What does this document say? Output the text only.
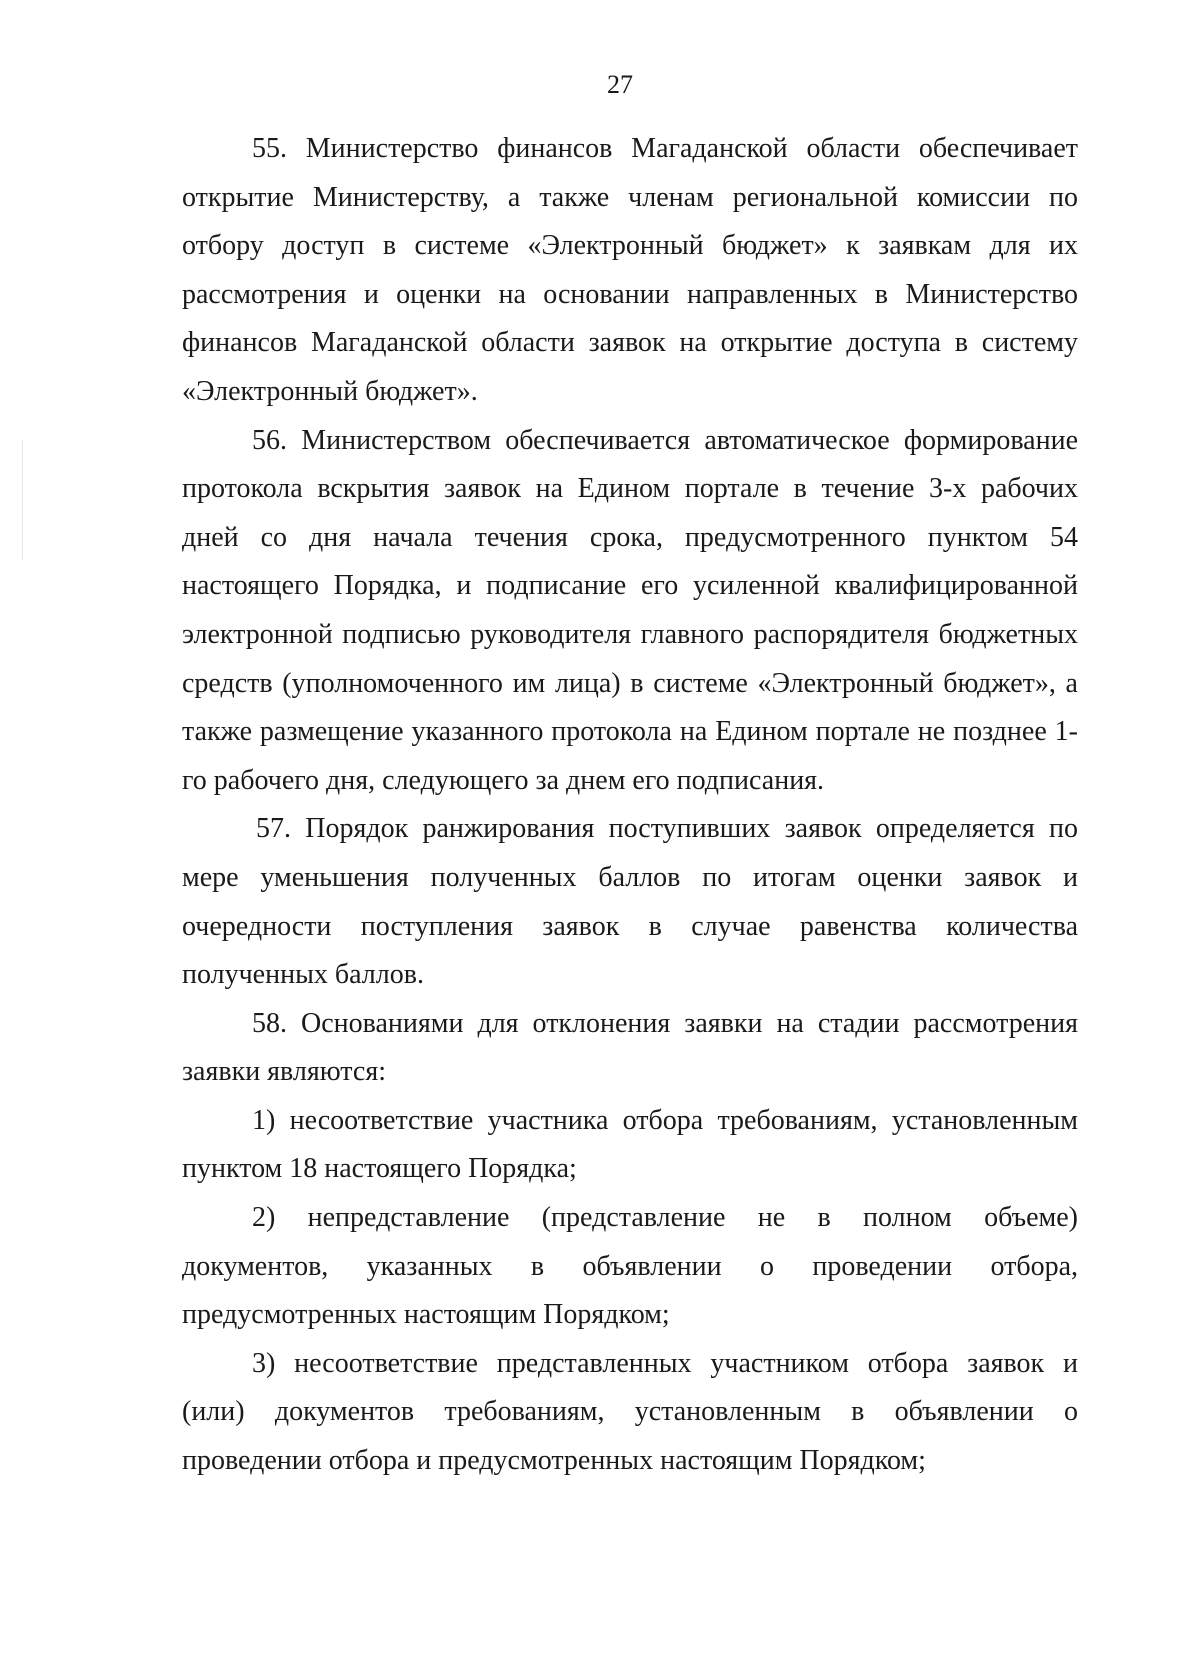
27
55. Министерство финансов Магаданской области обеспечивает
открытие Министерству, а также членам региональной комиссии по
отбору доступ в системе «Электронный бюджет» к заявкам для их
рассмотрения и оценки на основании направленных в Министерство
финансов Магаданской области заявок на открытие доступа в систему
«Электронный бюджет».
56. Министерством обеспечивается автоматическое формирование
протокола вскрытия заявок на Едином портале в течение 3-х рабочих
дней со дня начала течения срока, предусмотренного пунктом 54
настоящего Порядка, и подписание его усиленной квалифицированной
электронной подписью руководителя главного распорядителя бюджетных
средств (уполномоченного им лица) в системе «Электронный бюджет», а
также размещение указанного протокола на Едином портале не позднее 1-
го рабочего дня, следующего за днем его подписания.
57. Порядок ранжирования поступивших заявок определяется по
мере уменьшения полученных баллов по итогам оценки заявок и
очередности поступления заявок в случае равенства количества
полученных баллов.
58. Основаниями для отклонения заявки на стадии рассмотрения
заявки являются:
1) несоответствие участника отбора требованиям, установленным
пунктом 18 настоящего Порядка;
2) непредставление (представление не в полном объеме)
документов, указанных в объявлении о проведении отбора,
предусмотренных настоящим Порядком;
3) несоответствие представленных участником отбора заявок и
(или) документов требованиям, установленным в объявлении о
проведении отбора и предусмотренных настоящим Порядком;
